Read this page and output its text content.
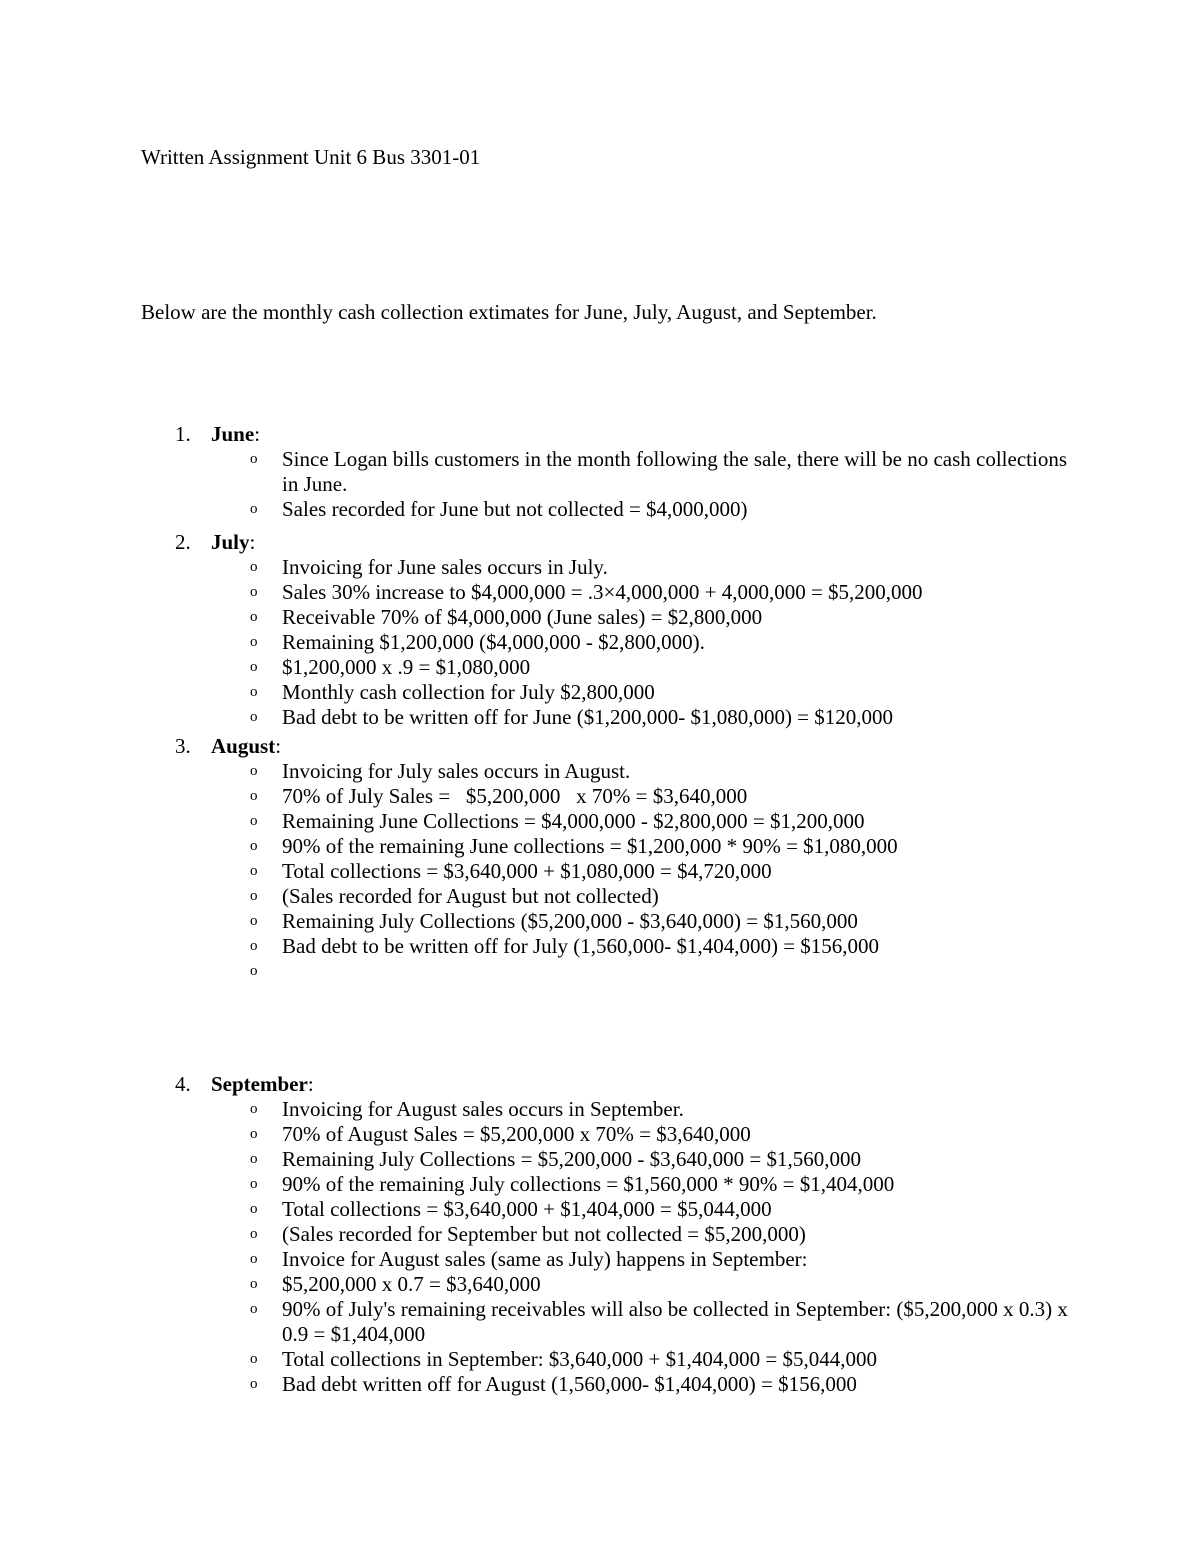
Written Assignment Unit 6 Bus 3301-01
Below are the monthly cash collection extimates for June, July, August, and September.
1. June:
o Since Logan bills customers in the month following the sale, there will be no cash collections in June.
o Sales recorded for June but not collected = $4,000,000)
2. July:
o Invoicing for June sales occurs in July.
o Sales 30% increase to $4,000,000 = .3×4,000,000 + 4,000,000 = $5,200,000
o Receivable 70% of $4,000,000 (June sales) = $2,800,000
o Remaining $1,200,000 ($4,000,000 - $2,800,000).
o $1,200,000 x .9 = $1,080,000
o Monthly cash collection for July $2,800,000
o Bad debt to be written off for June ($1,200,000- $1,080,000) = $120,000
3. August:
o Invoicing for July sales occurs in August.
o 70% of July Sales =   $5,200,000   x 70% = $3,640,000
o Remaining June Collections = $4,000,000 - $2,800,000 = $1,200,000
o 90% of the remaining June collections = $1,200,000 * 90% = $1,080,000
o Total collections = $3,640,000 + $1,080,000 = $4,720,000
o (Sales recorded for August but not collected)
o Remaining July Collections ($5,200,000 - $3,640,000) = $1,560,000
o Bad debt to be written off for July (1,560,000- $1,404,000) = $156,000
o
4. September:
o Invoicing for August sales occurs in September.
o 70% of August Sales = $5,200,000 x 70% = $3,640,000
o Remaining July Collections = $5,200,000 - $3,640,000 = $1,560,000
o 90% of the remaining July collections = $1,560,000 * 90% = $1,404,000
o Total collections = $3,640,000 + $1,404,000 = $5,044,000
o (Sales recorded for September but not collected = $5,200,000)
o Invoice for August sales (same as July) happens in September:
o $5,200,000 x 0.7 = $3,640,000
o 90% of July's remaining receivables will also be collected in September: ($5,200,000 x 0.3) x 0.9 = $1,404,000
o Total collections in September: $3,640,000 + $1,404,000 = $5,044,000
o Bad debt written off for August (1,560,000- $1,404,000) = $156,000
